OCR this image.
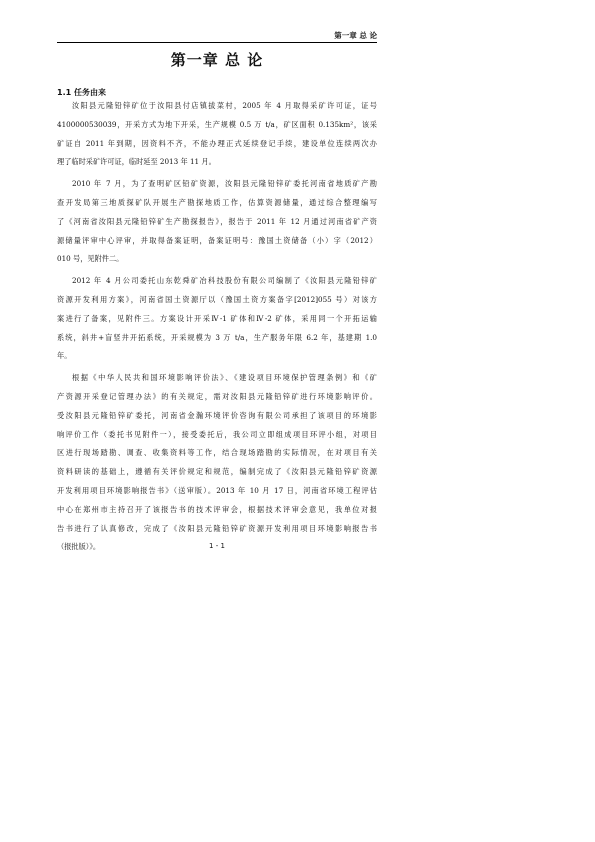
第一章 总 论
第一章 总 论
1.1 任务由来
汝阳县元隆铅锌矿位于汝阳县付店镇拔菜村，2005 年 4 月取得采矿许可证，证号
4100000530039，开采方式为地下开采，生产规模 0.5 万 t/a，矿区面积 0.135km²，该采
矿证自 2011 年到期，因资料不齐，不能办理正式延续登记手续，建设单位连续两次办
理了临时采矿许可证，临时延至 2013 年 11 月。
2010 年 7 月，为了查明矿区铅矿资源，汝阳县元隆铅锌矿委托河南省地质矿产勘
查开发局第三地质探矿队开展生产勘探地质工作，估算资源储量，通过综合整理编写
了《河南省汝阳县元隆铅锌矿生产勘探报告》，报告于 2011 年 12 月通过河南省矿产资
源储量评审中心评审，并取得备案证明，备案证明号：豫国土资储备（小）字（2012）
010 号，见附件二。
2012 年 4 月公司委托山东乾舜矿冶科技股份有限公司编制了《汝阳县元隆铅锌矿
资源开发利用方案》，河南省国土资源厅以（豫国土资方案备字[2012]055 号）对该方
案进行了备案，见附件三。方案设计开采Ⅳ-1 矿体和Ⅳ-2 矿体，采用同一个开拓运输
系统，斜井+盲竖井开拓系统，开采规模为 3 万 t/a，生产服务年限 6.2 年，基建期 1.0
年。
根据《中华人民共和国环境影响评价法》、《建设项目环境保护管理条例》和《矿
产资源开采登记管理办法》的有关规定，需对汝阳县元隆铅锌矿进行环境影响评价。
受汝阳县元隆铅锌矿委托，河南省金瀚环境评价咨询有限公司承担了该项目的环境影
响评价工作（委托书见附件一），接受委托后，我公司立即组成项目环评小组，对项目
区进行现场踏勘、调查、收集资料等工作，结合现场踏勘的实际情况，在对项目有关
资料研读的基础上，遵循有关评价规定和规范，编制完成了《汝阳县元隆铅锌矿资源
开发利用项目环境影响报告书》（送审版）。2013 年 10 月 17 日，河南省环境工程评估
中心在郑州市主持召开了该报告书的技术评审会，根据技术评审会意见，我单位对报
告书进行了认真修改，完成了《汝阳县元隆铅锌矿资源开发利用项目环境影响报告书
（报批版）》。	1 - 1
